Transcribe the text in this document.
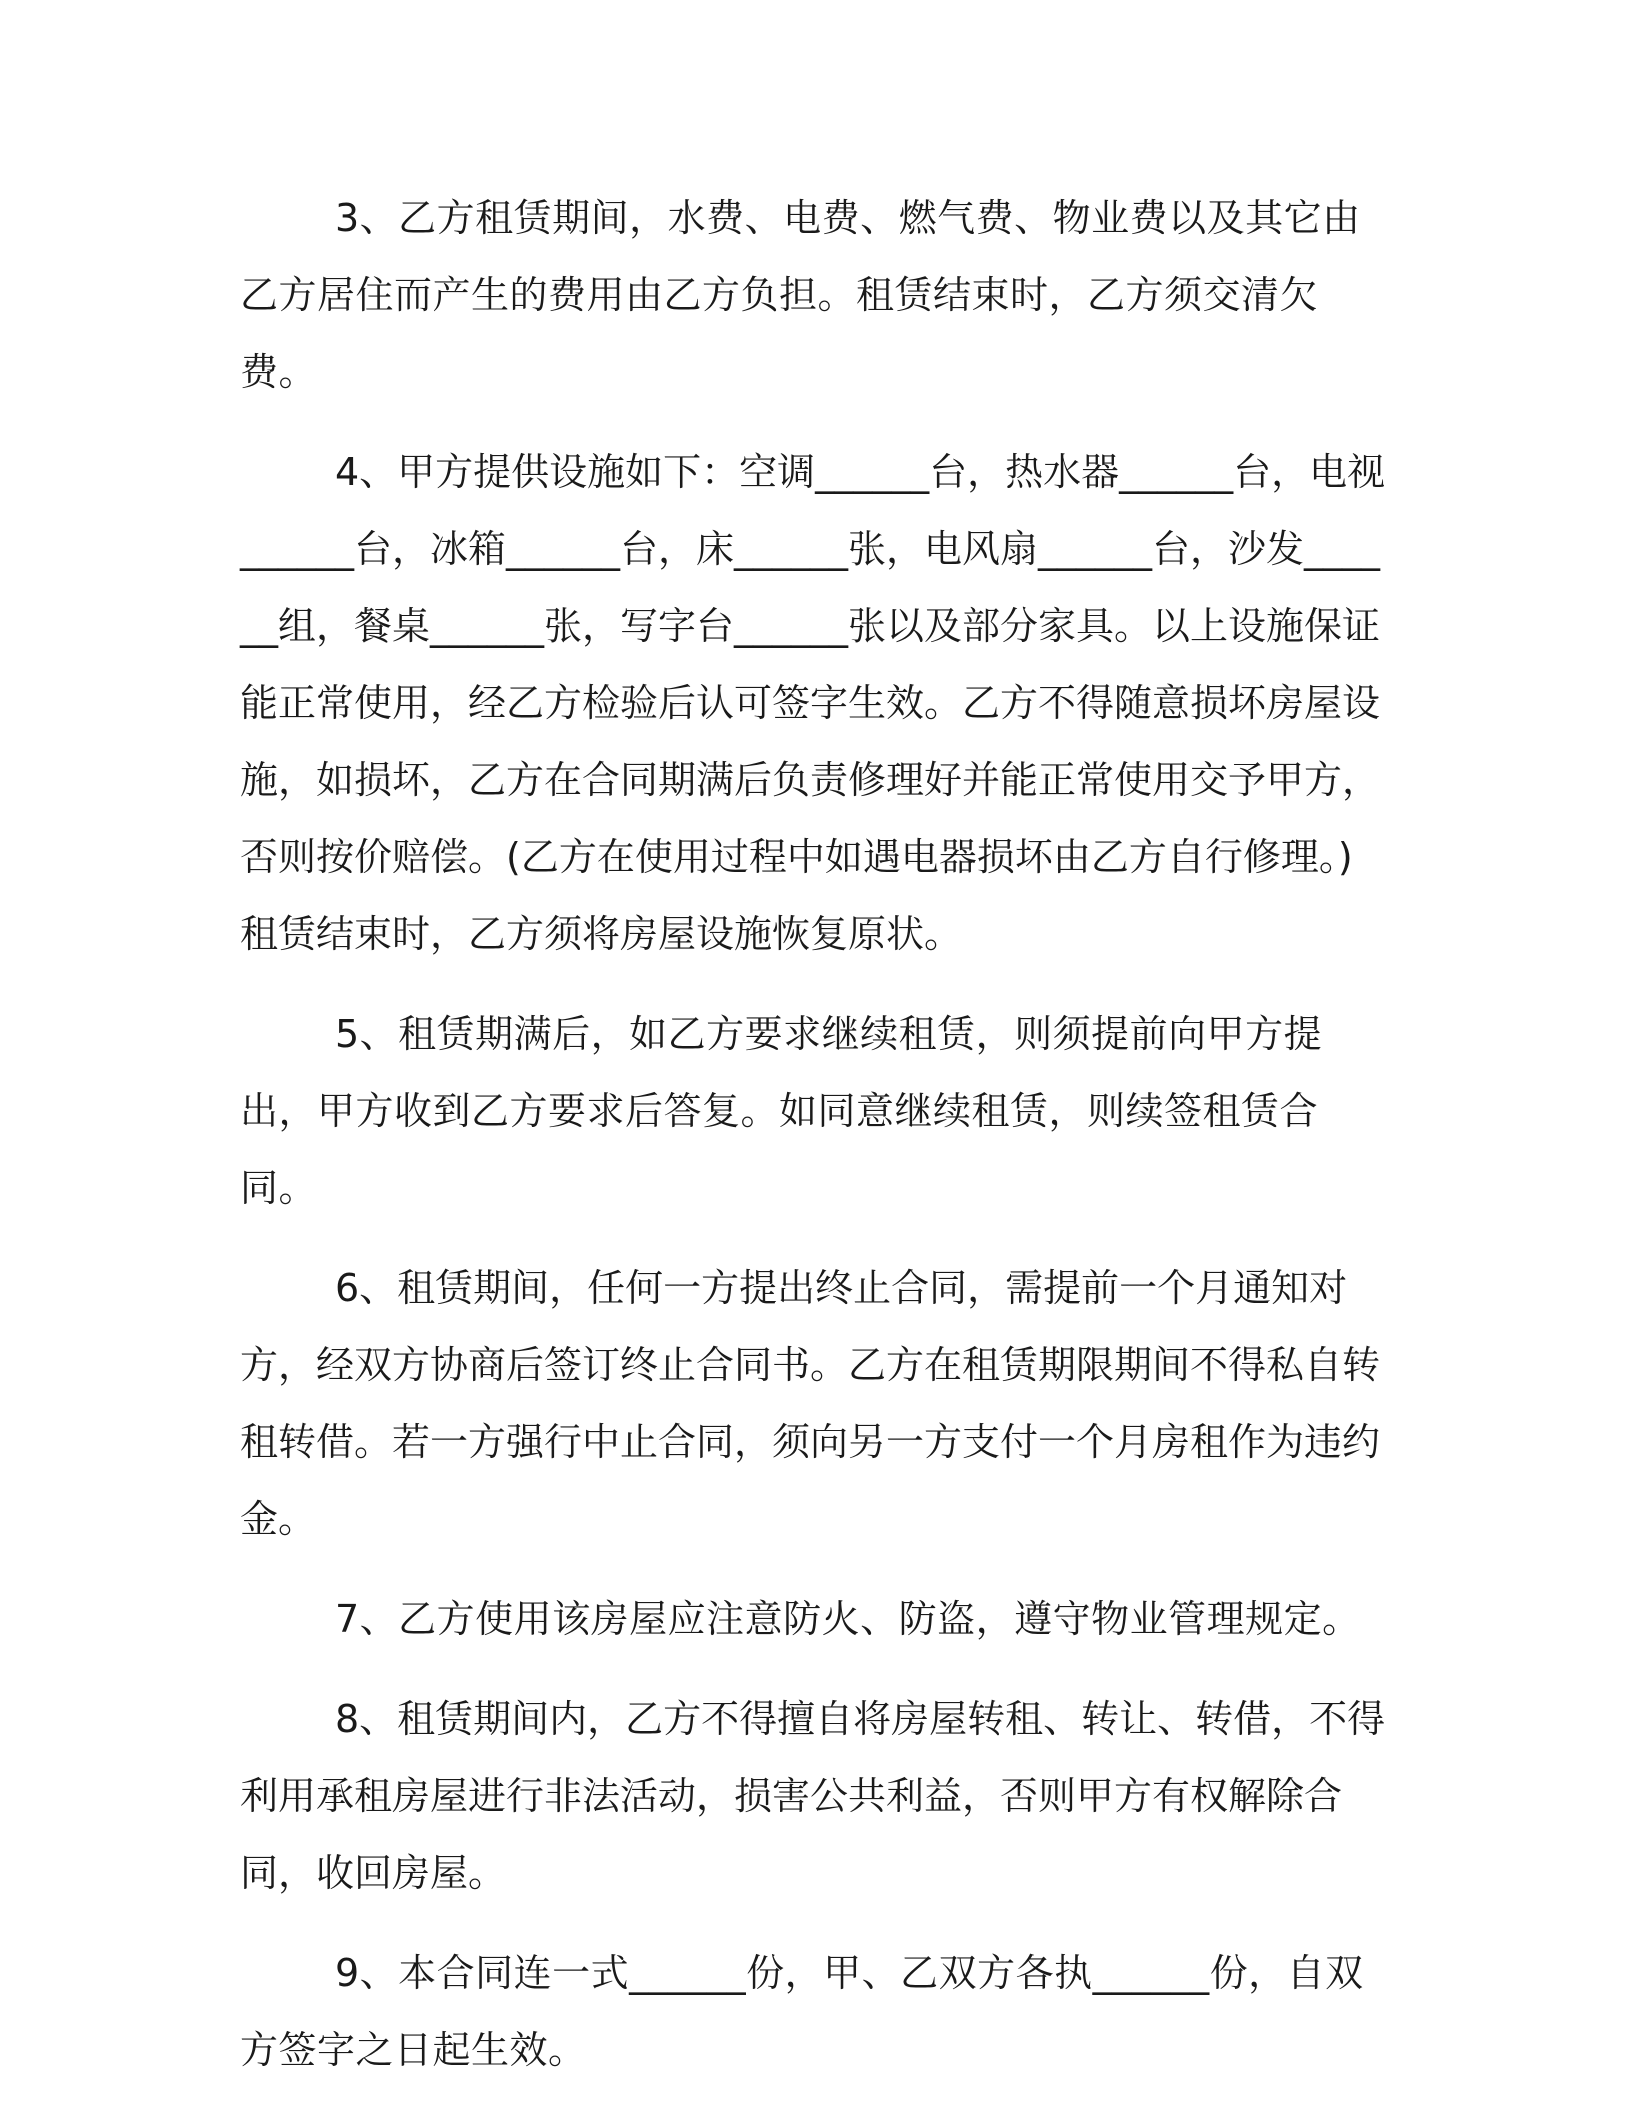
3、乙方租赁期间，水费、电费、燃气费、物业费以及其它由乙方居住而产生的费用由乙方负担。租赁结束时，乙方须交清欠费。

4、甲方提供设施如下：空调______台，热水器______台，电视______台，冰箱______台，床______张，电风扇______台，沙发______组，餐桌______张，写字台______张以及部分家具。以上设施保证能正常使用，经乙方检验后认可签字生效。乙方不得随意损坏房屋设施，如损坏，乙方在合同期满后负责修理好并能正常使用交予甲方，否则按价赔偿。(乙方在使用过程中如遇电器损坏由乙方自行修理。)租赁结束时，乙方须将房屋设施恢复原状。

5、租赁期满后，如乙方要求继续租赁，则须提前向甲方提出，甲方收到乙方要求后答复。如同意继续租赁，则续签租赁合同。

6、租赁期间，任何一方提出终止合同，需提前一个月通知对方，经双方协商后签订终止合同书。乙方在租赁期限期间不得私自转租转借。若一方强行中止合同，须向另一方支付一个月房租作为违约金。

7、乙方使用该房屋应注意防火、防盗，遵守物业管理规定。

8、租赁期间内，乙方不得擅自将房屋转租、转让、转借，不得利用承租房屋进行非法活动，损害公共利益，否则甲方有权解除合同，收回房屋。

9、本合同连一式______份，甲、乙双方各执______份，自双方签字之日起生效。
